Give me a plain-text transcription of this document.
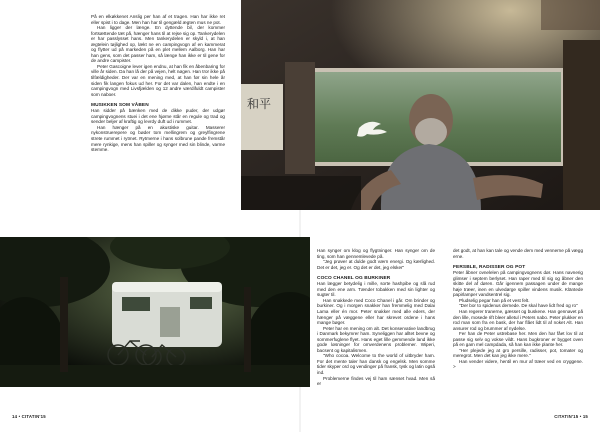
På en elkøkkenet Anslig per han af et tragen. Han har ikke ret eller spist i to dage. Men han har til gengæld ægten mus ne pot.

Han ligger der længe. En dyttende bil, der kommer fortsættende tæt på, hænger hans til at rejse sig op. Tankerydelen er har passlysset hans. Men tankerydelen er skyld i, at han ægtelein tøjlighed op, lækt ne en campingvogn af en kammerat og flytter ud på markeden på en plet mellem Aalborg. Han har han gens, som det passer ham, så længe han ikke er til gene for de andre campister.

Peter Gascoigne lever igen endnu, at han fik en åbenbaring for ville år siden. Da han lå der på vejen, helt nøgen. Han tror ikke på tilfældigheder. Der var en mening med, at han før sin hele år siden fik langen fokus ud her. For det var dalen, han endte i en campingvogn med Livsfjælden og 12 andre værdifuldt campister som naboer.

MUSIKKEN SOM VÅBEN

Han sidder på bænken med de dikke puder, der udgør campingvognens stuei i det ene hjørne står en regule og trad og sender beljer af kraftig og levrdy duft ud i rummet.

Han hænger på en akustiske guitar. Masserer nykonstruerepere og bøder tom mellingrem og greylfingrene strete rummet i rytmet. Rytmerne i hans solbrune pande fremstår mere rynkige, mens han spiller og synger med sin blinde, varme stemme.

和平

Han synger om klog og flygtninger. Han synger om de ting, som han gennemlevede på.

"Jeg prøver at dulde godt værn energi. Og kærlighed. Det er det, jeg er. Og det er det, jeg elsker"

COCO CHANEL OG BURKINER

Han lægger betydelig i mille, sorte hashpibe og slå rud med den ene arm. Tænder tobakken med sin lighter og sugter til.

Han snakkede med Coco Chanel i går. Om brinder og burkiner. Og i morgen snakker han fremmelig med Dalai Lama eller én mor. Peter snakker med alle eders, der hænger på væggene eller har skrevet ordene i hans mange bøger.

Peter har en mening om alt. Det konservative landbrug i Danmark bekymrer ham. Syneliggen har alltet bevne og sommerfuglene flyet. Hans eget lille gemmende land ikke gode løsninger for omverdenens problemer. Wiperi, bacsent og kapitalismen.

"Who cocoa. Welcome to the world of uitbryder ham. For det mente taler han dansk og engelsk. Men somme tider skyper ord og vendinger på fransk, tysk og latin også ind.

Problemerne findes vej til ham sænset hvad. Men så er

det godt, at han kan tale og vende dem med vennerne på vægg erne.

FERSBLE, RADISSER OG POT

Peter åbner ovnelelen på campingvognens dør. Hans navnerig glimser i septem berlyset. Han raper med til sig og åbner den skitte del af døren. Går igennem passagen under de mange høje træer, inen en ulvedørge spiller vindens musik. Kläntede papirlamper vandsentrel sig.

Pludselig pegar han på et vest felt.

"Der bor to spidenus dernede. De skal have lidt fred og ro"

Han regerer tranerne, gæsset og buskene. Han gennavet på den lille, mosede rift bleer alletul i Peters nabo. Peter plukker en rod man som fra en bask, der har flået lidt til af noket Alt. Han ansurer rod og brummer af nydelse.

Fer han de Peter ustrebase her. Men den har fået lov til at passe sig selv og vokse vildt. Hans bugkroner er bygget oven på en gam mel campdada, så han kan ikke plante her.

"Her plejede jeg at gro persille, radisser, pot, tomater og meregrot. Men det kan jeg ikke mere."

Han vender videre, hentil en mur af træer ved en cryggene. >

14 • CITATIN'15	CITATIN'15 • 15
